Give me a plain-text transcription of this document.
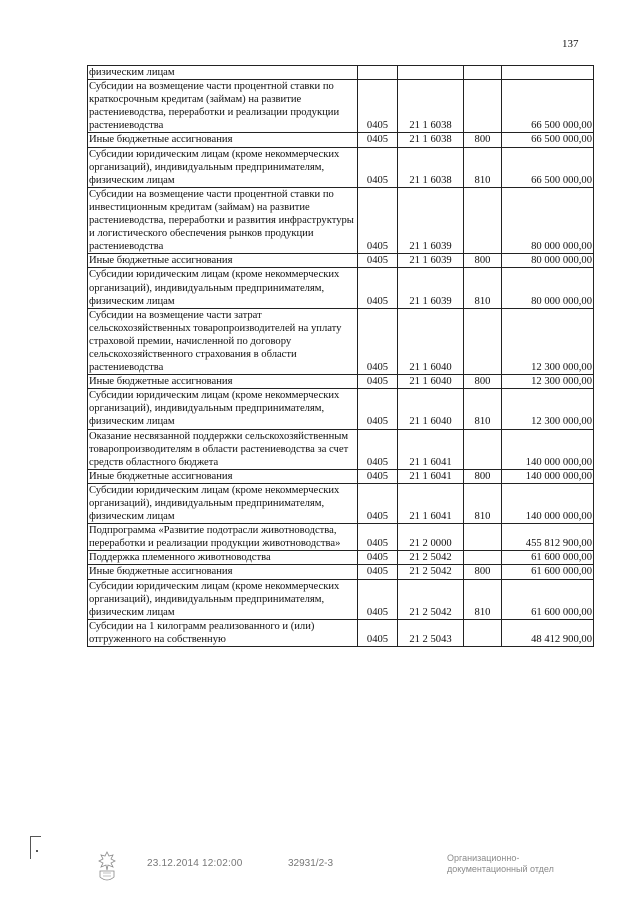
137
физическим лицам				
Субсидии на возмещение части процентной ставки по краткосрочным кредитам (займам) на развитие растениеводства, переработки и реализации продукции растениеводства	0405	21 1 6038		66 500 000,00
Иные бюджетные ассигнования	0405	21 1 6038	800	66 500 000,00
Субсидии юридическим лицам (кроме некоммерческих организаций), индивидуальным предпринимателям, физическим лицам	0405	21 1 6038	810	66 500 000,00
Субсидии на возмещение части процентной ставки по инвестиционным кредитам (займам) на развитие растениеводства, переработки и развития инфраструктуры и логистического обеспечения рынков продукции растениеводства	0405	21 1 6039		80 000 000,00
Иные бюджетные ассигнования	0405	21 1 6039	800	80 000 000,00
Субсидии юридическим лицам (кроме некоммерческих организаций), индивидуальным предпринимателям, физическим лицам	0405	21 1 6039	810	80 000 000,00
Субсидии на возмещение части затрат сельскохозяйственных товаропроизводителей на уплату страховой премии, начисленной по договору сельскохозяйственного страхования в области растениеводства	0405	21 1 6040		12 300 000,00
Иные бюджетные ассигнования	0405	21 1 6040	800	12 300 000,00
Субсидии юридическим лицам (кроме некоммерческих организаций), индивидуальным предпринимателям, физическим лицам	0405	21 1 6040	810	12 300 000,00
Оказание несвязанной поддержки сельскохозяйственным товаропроизводителям в области растениеводства за счет средств областного бюджета	0405	21 1 6041		140 000 000,00
Иные бюджетные ассигнования	0405	21 1 6041	800	140 000 000,00
Субсидии юридическим лицам (кроме некоммерческих организаций), индивидуальным предпринимателям, физическим лицам	0405	21 1 6041	810	140 000 000,00
Подпрограмма «Развитие подотрасли животноводства, переработки и реализации продукции животноводства»	0405	21 2 0000		455 812 900,00
Поддержка племенного животноводства	0405	21 2 5042		61 600 000,00
Иные бюджетные ассигнования	0405	21 2 5042	800	61 600 000,00
Субсидии юридическим лицам (кроме некоммерческих организаций), индивидуальным предпринимателям, физическим лицам	0405	21 2 5042	810	61 600 000,00
Субсидии на 1 килограмм реализованного и (или) отгруженного на собственную	0405	21 2 5043		48 412 900,00
23.12.2014 12:02:00	32931/2-3	Организационно-
документационный отдел
